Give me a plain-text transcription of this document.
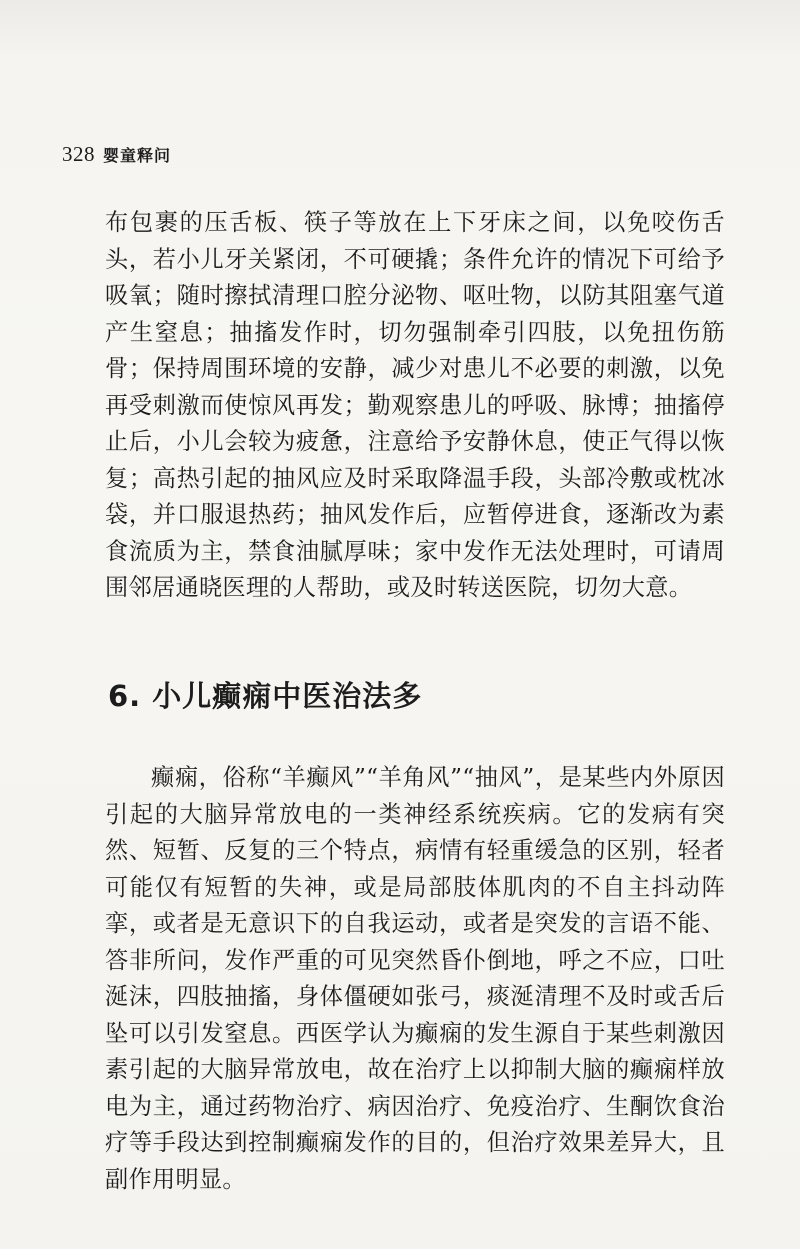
328 婴童释问

布包裹的压舌板、筷子等放在上下牙床之间，以免咬伤舌头，若小儿牙关紧闭，不可硬撬；条件允许的情况下可给予吸氧；随时擦拭清理口腔分泌物、呕吐物，以防其阻塞气道产生窒息；抽搐发作时，切勿强制牵引四肢，以免扭伤筋骨；保持周围环境的安静，减少对患儿不必要的刺激，以免再受刺激而使惊风再发；勤观察患儿的呼吸、脉博；抽搐停止后，小儿会较为疲惫，注意给予安静休息，使正气得以恢复；高热引起的抽风应及时采取降温手段，头部冷敷或枕冰袋，并口服退热药；抽风发作后，应暂停进食，逐渐改为素食流质为主，禁食油腻厚味；家中发作无法处理时，可请周围邻居通晓医理的人帮助，或及时转送医院，切勿大意。

6. 小儿癫痫中医治法多

癫痫，俗称“羊癫风”“羊角风”“抽风”，是某些内外原因引起的大脑异常放电的一类神经系统疾病。它的发病有突然、短暂、反复的三个特点，病情有轻重缓急的区别，轻者可能仅有短暂的失神，或是局部肢体肌肉的不自主抖动阵挛，或者是无意识下的自我运动，或者是突发的言语不能、答非所问，发作严重的可见突然昏仆倒地，呼之不应，口吐涎沫，四肢抽搐，身体僵硬如张弓，痰涎清理不及时或舌后坠可以引发窒息。西医学认为癫痫的发生源自于某些刺激因素引起的大脑异常放电，故在治疗上以抑制大脑的癫痫样放电为主，通过药物治疗、病因治疗、免疫治疗、生酮饮食治疗等手段达到控制癫痫发作的目的，但治疗效果差异大，且副作用明显。
